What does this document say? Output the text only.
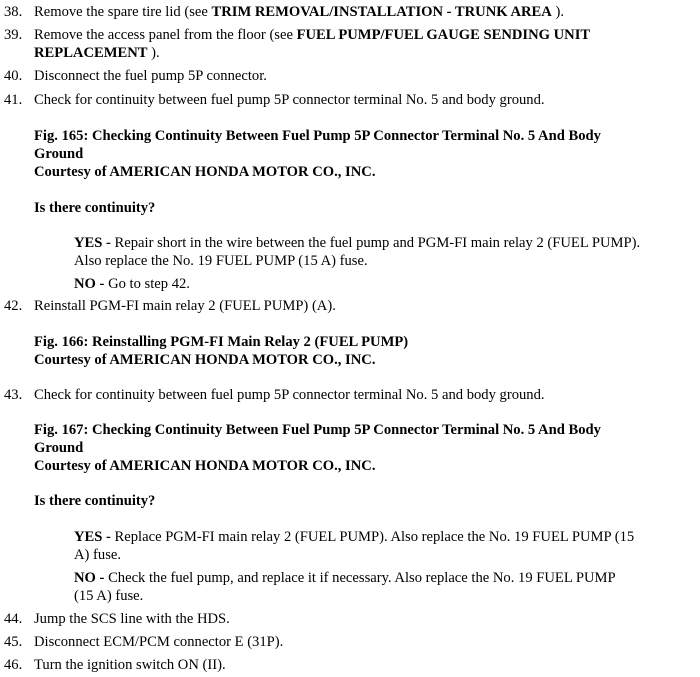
38. Remove the spare tire lid (see TRIM REMOVAL/INSTALLATION - TRUNK AREA ).
39. Remove the access panel from the floor (see FUEL PUMP/FUEL GAUGE SENDING UNIT
REPLACEMENT ).
40. Disconnect the fuel pump 5P connector.
41. Check for continuity between fuel pump 5P connector terminal No. 5 and body ground.
Fig. 165: Checking Continuity Between Fuel Pump 5P Connector Terminal No. 5 And Body
Ground
Courtesy of AMERICAN HONDA MOTOR CO., INC.
Is there continuity?
YES - Repair short in the wire between the fuel pump and PGM-FI main relay 2 (FUEL PUMP).
Also replace the No. 19 FUEL PUMP (15 A) fuse.
NO - Go to step 42.
42. Reinstall PGM-FI main relay 2 (FUEL PUMP) (A).
Fig. 166: Reinstalling PGM-FI Main Relay 2 (FUEL PUMP)
Courtesy of AMERICAN HONDA MOTOR CO., INC.
43. Check for continuity between fuel pump 5P connector terminal No. 5 and body ground.
Fig. 167: Checking Continuity Between Fuel Pump 5P Connector Terminal No. 5 And Body
Ground
Courtesy of AMERICAN HONDA MOTOR CO., INC.
Is there continuity?
YES - Replace PGM-FI main relay 2 (FUEL PUMP). Also replace the No. 19 FUEL PUMP (15
A) fuse.
NO - Check the fuel pump, and replace it if necessary. Also replace the No. 19 FUEL PUMP
(15 A) fuse.
44. Jump the SCS line with the HDS.
45. Disconnect ECM/PCM connector E (31P).
46. Turn the ignition switch ON (II).
